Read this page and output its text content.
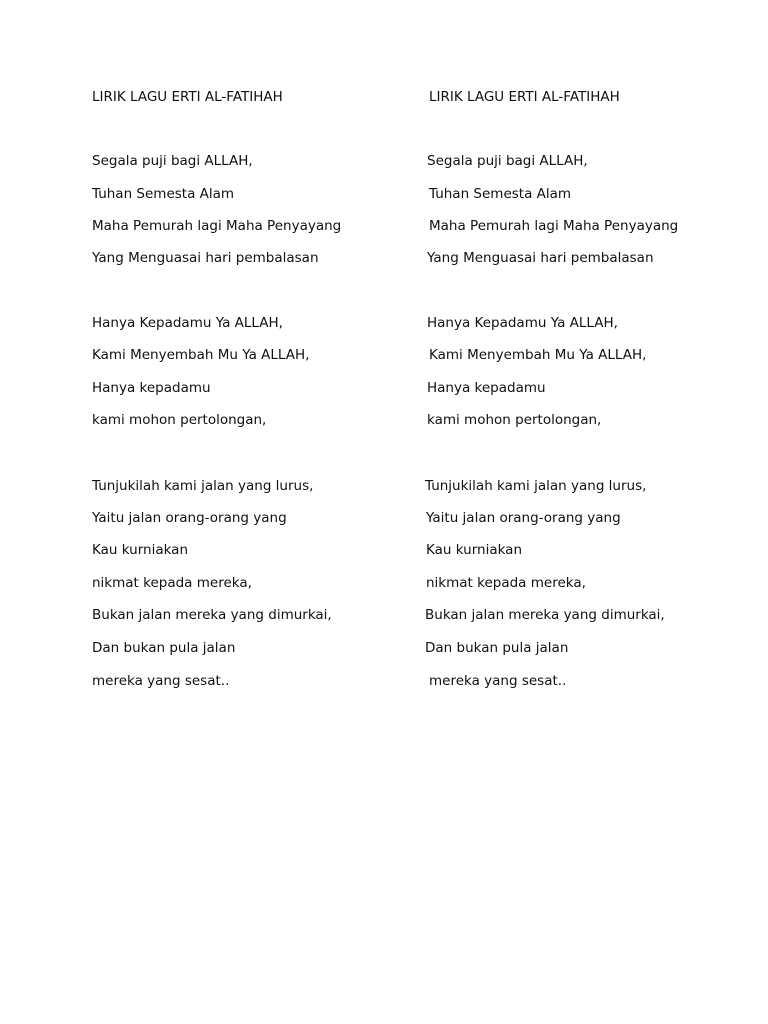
LIRIK LAGU ERTI AL-FATIHAH
Segala puji bagi ALLAH,
Tuhan Semesta Alam
Maha Pemurah lagi Maha Penyayang
Yang Menguasai hari pembalasan
Hanya Kepadamu Ya ALLAH,
Kami Menyembah Mu Ya ALLAH,
Hanya kepadamu
kami mohon pertolongan,
Tunjukilah kami jalan yang lurus,
Yaitu jalan orang-orang yang
Kau kurniakan
nikmat kepada mereka,
Bukan jalan mereka yang dimurkai,
Dan bukan pula jalan
mereka yang sesat..
LIRIK LAGU ERTI AL-FATIHAH
Segala puji bagi ALLAH,
Tuhan Semesta Alam
Maha Pemurah lagi Maha Penyayang
Yang Menguasai hari pembalasan
Hanya Kepadamu Ya ALLAH,
Kami Menyembah Mu Ya ALLAH,
Hanya kepadamu
kami mohon pertolongan,
Tunjukilah kami jalan yang lurus,
Yaitu jalan orang-orang yang
Kau kurniakan
nikmat kepada mereka,
Bukan jalan mereka yang dimurkai,
Dan bukan pula jalan
mereka yang sesat..
